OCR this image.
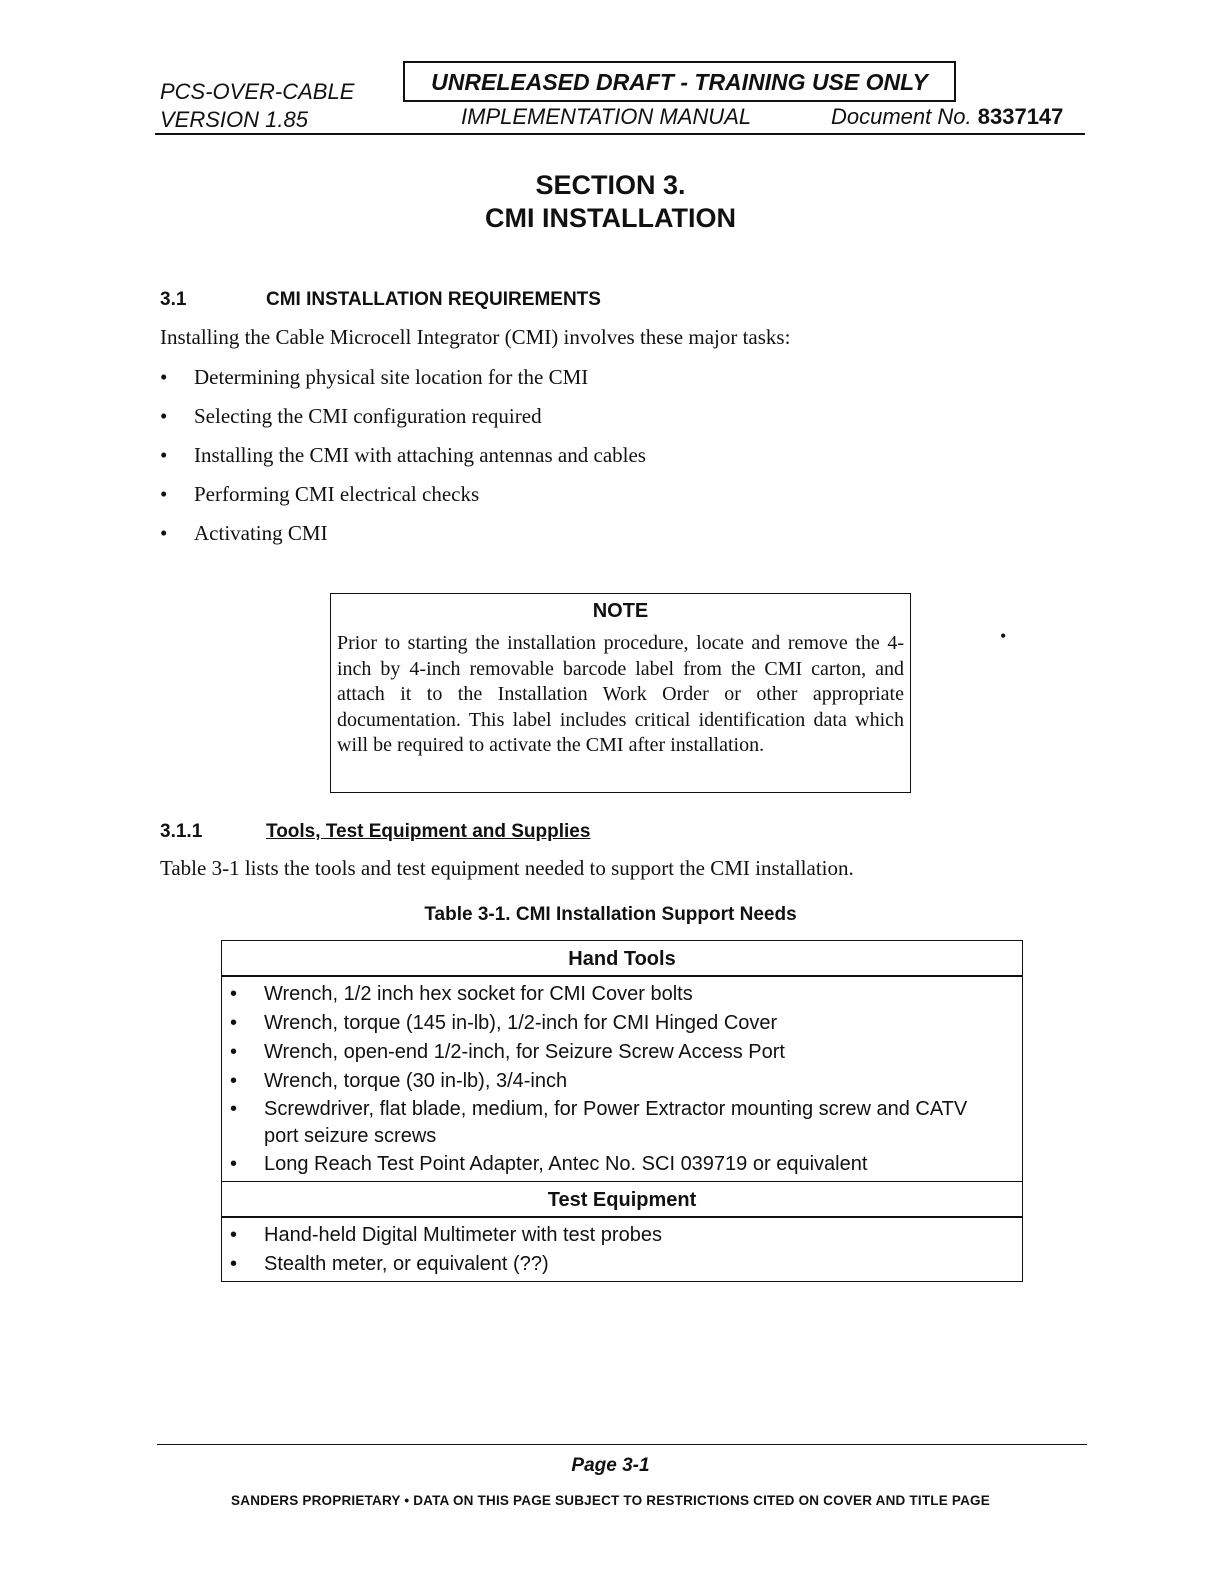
PCS-OVER-CABLE
VERSION 1.85
UNRELEASED DRAFT - TRAINING USE ONLY
IMPLEMENTATION MANUAL	Document No. 8337147
SECTION 3.
CMI INSTALLATION
3.1	CMI INSTALLATION REQUIREMENTS
Installing the Cable Microcell Integrator (CMI) involves these major tasks:
• Determining physical site location for the CMI
• Selecting the CMI configuration required
• Installing the CMI with attaching antennas and cables
• Performing CMI electrical checks
• Activating CMI
NOTE
Prior to starting the installation procedure, locate and remove the 4-inch by 4-inch removable barcode label from the CMI carton, and attach it to the Installation Work Order or other appropriate documentation. This label includes critical identification data which will be required to activate the CMI after installation.
•
3.1.1	Tools, Test Equipment and Supplies
Table 3-1 lists the tools and test equipment needed to support the CMI installation.
Table 3-1. CMI Installation Support Needs
Hand Tools
• Wrench, 1/2 inch hex socket for CMI Cover bolts
• Wrench, torque (145 in-lb), 1/2-inch for CMI Hinged Cover
• Wrench, open-end 1/2-inch, for Seizure Screw Access Port
• Wrench, torque (30 in-lb), 3/4-inch
• Screwdriver, flat blade, medium, for Power Extractor mounting screw and CATV port seizure screws
• Long Reach Test Point Adapter, Antec No. SCI 039719 or equivalent
Test Equipment
• Hand-held Digital Multimeter with test probes
• Stealth meter, or equivalent (??)
Page 3-1
SANDERS PROPRIETARY • DATA ON THIS PAGE SUBJECT TO RESTRICTIONS CITED ON COVER AND TITLE PAGE
